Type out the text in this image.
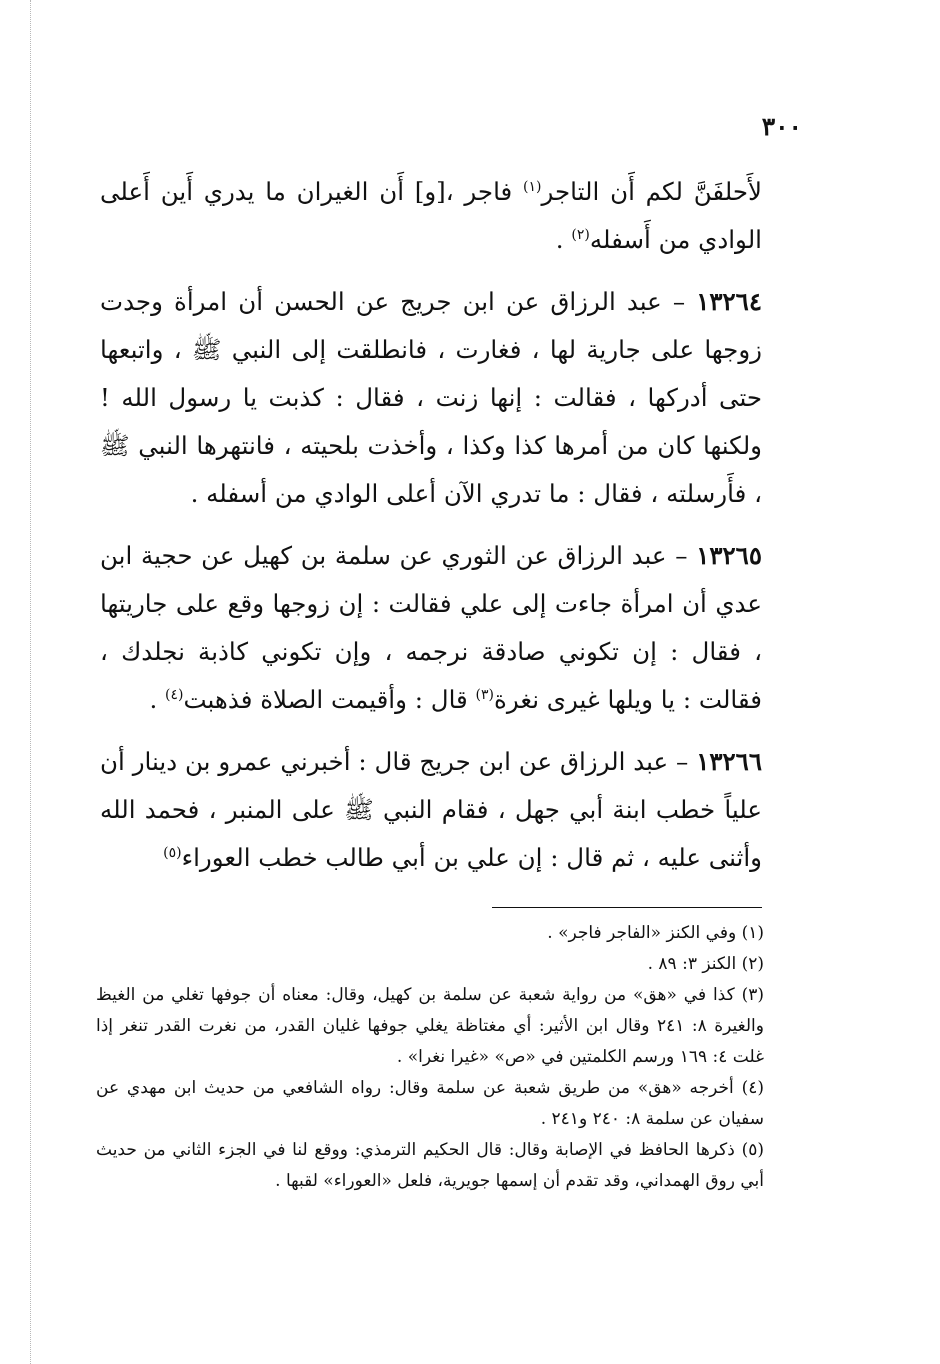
٣٠٠

لأَحلفَنَّ لكم أَن التاجر$^{(١)}$ فاجر ،[و] أَن الغيران ما يدري أَين أَعلى الوادي من أَسفله$^{(٢)}$ .

١٣٢٦٤ – عبد الرزاق عن ابن جريج عن الحسن أن امرأة وجدت زوجها على جارية لها ، فغارت ، فانطلقت إلى النبي ﷺ ، واتبعها حتى أدركها ، فقالت : إنها زنت ، فقال : كذبت يا رسول الله ! ولكنها كان من أمرها كذا وكذا ، وأخذت بلحيته ، فانتهرها النبي ﷺ ، فأَرسلته ، فقال : ما تدري الآن أعلى الوادي من أسفله .

١٣٢٦٥ – عبد الرزاق عن الثوري عن سلمة بن كهيل عن حجية ابن عدي أن امرأة جاءت إلى علي فقالت : إن زوجها وقع على جاريتها ، فقال : إن تكوني صادقة نرجمه ، وإن تكوني كاذبة نجلدك ، فقالت : يا ويلها غيرى نغرة$^{(٣)}$ قال : وأقيمت الصلاة فذهبت$^{(٤)}$ .

١٣٢٦٦ – عبد الرزاق عن ابن جريج قال : أخبرني عمرو بن دينار أن علياً خطب ابنة أبي جهل ، فقام النبي ﷺ على المنبر ، فحمد الله وأثنى عليه ، ثم قال : إن علي بن أبي طالب خطب العوراء$^{(٥)}$

(١) وفي الكنز «الفاجر فاجر» .

(٢) الكنز ٣: ٨٩ .

(٣) كذا في «هق» من رواية شعبة عن سلمة بن كهيل، وقال: معناه أن جوفها تغلي من الغيظ والغيرة ٨: ٢٤١ وقال ابن الأثير: أي مغتاظة يغلي جوفها غليان القدر، من نغرت القدر تنغر إذا غلت ٤: ١٦٩ ورسم الكلمتين في «ص» «غيرا نغرا» .

(٤) أخرجه «هق» من طريق شعبة عن سلمة وقال: رواه الشافعي من حديث ابن مهدي عن سفيان عن سلمة ٨: ٢٤٠ و٢٤١ .

(٥) ذكرها الحافظ في الإصابة وقال: قال الحكيم الترمذي: ووقع لنا في الجزء الثاني من حديث أبي روق الهمداني، وقد تقدم أن إسمها جويرية، فلعل «العوراء» لقبها .
